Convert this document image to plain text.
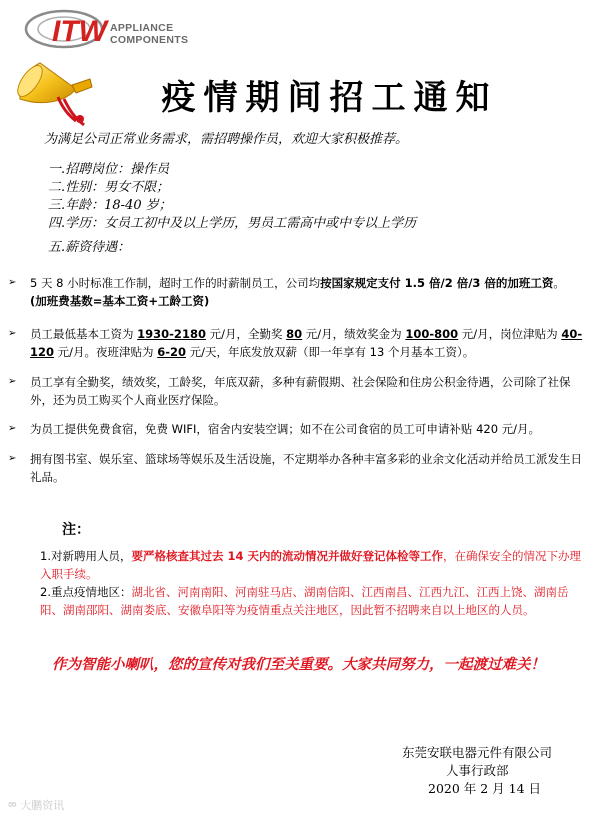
ITW APPLIANCE
COMPONENTS
疫情期间招工通知
为满足公司正常业务需求，需招聘操作员，欢迎大家积极推荐。
一.招聘岗位：操作员
二.性别：男女不限；
三.年龄：18-40 岁；
四.学历：女员工初中及以上学历，男员工需高中或中专以上学历
五.薪资待遇：
➢ 5 天 8 小时标准工作制，超时工作的时薪制员工，公司均按国家规定支付 1.5 倍/2 倍/3 倍的加班工资。
(加班费基数=基本工资+工龄工资)
➢ 员工最低基本工资为 1930-2180 元/月，全勤奖 80 元/月，绩效奖金为 100-800 元/月，岗位津贴为 40-
120 元/月。夜班津贴为 6-20 元/天，年底发放双薪（即一年享有 13 个月基本工资）。
➢ 员工享有全勤奖，绩效奖，工龄奖，年底双薪，多种有薪假期、社会保险和住房公积金待遇，公司除了社保外，还为员工购买个人商业医疗保险。
➢ 为员工提供免费食宿，免费 WIFI，宿舍内安装空调；如不在公司食宿的员工可申请补贴 420 元/月。
➢ 拥有图书室、娱乐室、篮球场等娱乐及生活设施，不定期举办各种丰富多彩的业余文化活动并给员工派发生日礼品。
注：
1.对新聘用人员，要严格核查其过去 14 天内的流动情况并做好登记体检等工作，在确保安全的情况下办理入职手续。
2.重点疫情地区：湖北省、河南南阳、河南驻马店、湖南信阳、江西南昌、江西九江、江西上饶、湖南岳阳、湖南邵阳、湖南娄底、安徽阜阳等为疫情重点关注地区，因此暂不招聘来自以上地区的人员。
作为智能小喇叭，您的宣传对我们至关重要。大家共同努力，一起渡过难关！
东莞安联电器元件有限公司
人事行政部
2020 年 2 月 14 日
ᢁ 大鹏资讯
